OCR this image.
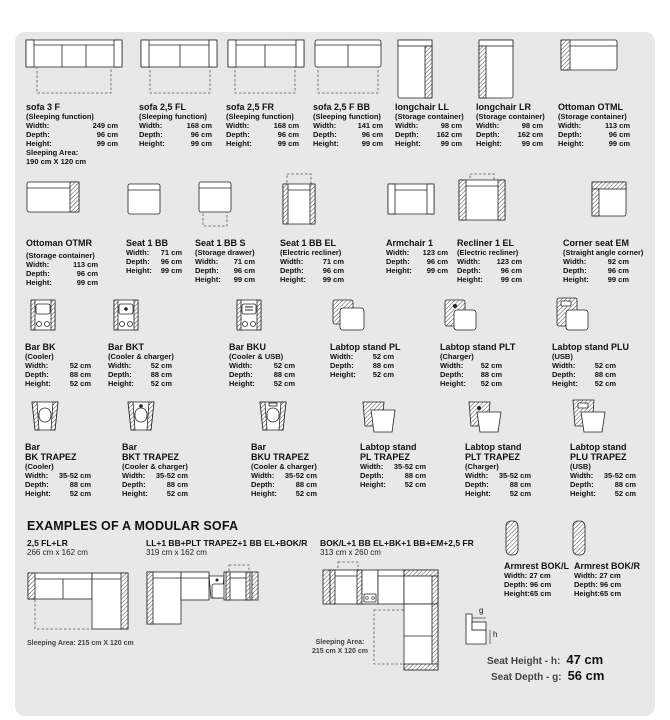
sofa 3 F
(Sleeping function)
Width:	249 cm
Depth:	96 cm
Height:	99 cm
Sleeping Area:
190 cm X 120 cm
sofa 2,5 FL
(Sleeping function)
Width:	168 cm
Depth:	96 cm
Height:	99 cm
sofa 2,5 FR
(Sleeping function)
Width:	168 cm
Depth:	96 cm
Height:	99 cm
sofa 2,5 F BB
(Sleeping function)
Width:	141 cm
Depth:	96 cm
Height:	99 cm
longchair LL
(Storage container)
Width:	98 cm
Depth: 162 cm
Height:	99 cm
longchair LR
(Storage container)
Width:	98 cm
Depth: 162 cm
Height:	99 cm
Ottoman OTML
(Storage container)
Width:	113 cm
Depth:	96 cm
Height:	99 cm
Ottoman OTMR
(Storage container)
Width:	113 cm
Depth:	96 cm
Height:	99 cm
Seat 1 BB
Width: 71 cm
Depth: 96 cm
Height: 99 cm
Seat 1 BB S
(Storage drawer)
Width: 71 cm
Depth: 96 cm
Height: 99 cm
Seat 1 BB EL
(Electric recliner)
Width:	71 cm
Depth:	96 cm
Height: 99 cm
Armchair 1
Width: 123 cm
Depth: 96 cm
Height: 99 cm
Recliner 1 EL
(Electric recliner)
Width: 123 cm
Depth:	96 cm
Height: 99 cm
Corner seat EM
(Straight angle corner)
Width:	92 cm
Depth:	96 cm
Height:	99 cm
Bar BK
(Cooler)
Width:	52 cm
Depth:	88 cm
Height:	52 cm
Bar BKT
(Cooler & charger)
Width:	52 cm
Depth:	88 cm
Height: 52 cm
Bar BKU
(Cooler & USB)
Width:	52 cm
Depth:	88 cm
Height:	52 cm
Labtop stand PL
Width:	52 cm
Depth:	88 cm
Height: 52 cm
Labtop stand PLT
(Charger)
Width: 52 cm
Depth: 88 cm
Height: 52 cm
Labtop stand PLU
(USB)
Width:	52 cm
Depth:	88 cm
Height: 52 cm
Bar
BK TRAPEZ
(Cooler)
Width: 35-52 cm
Depth:	88 cm
Height:	52 cm
Bar
BKT TRAPEZ
(Cooler & charger)
Width: 35-52 cm
Depth:	88 cm
Height:	52 cm
Bar
BKU TRAPEZ
(Cooler & charger)
Width: 35-52 cm
Depth:	88 cm
Height:	52 cm
Labtop stand
PL TRAPEZ
Width: 35-52 cm
Depth:	88 cm
Height:	52 cm
Labtop stand
PLT TRAPEZ
(Charger)
Width: 35-52 cm
Depth:	88 cm
Height:	52 cm
Labtop stand
PLU TRAPEZ
(USB)
Width: 35-52 cm
Depth:	88 cm
Height:	52 cm
EXAMPLES OF A MODULAR SOFA
2,5 FL+LR
266 cm x 162 cm
Sleeping Area: 215 cm X 120 cm
LL+1 BB+PLT TRAPEZ+1 BB EL+BOK/R
319 cm x 162 cm
BOK/L+1 BB EL+BK+1 BB+EM+2,5 FR
313 cm x 260 cm
Sleeping Area:
215 cm X 120 cm
Armrest BOK/L
Width:
27 cm
Depth:
96 cm
Height: 65 cm
Armrest BOK/R
Width:
27 cm
Depth:
96 cm
Height: 65 cm
g
h
Seat Height - h: 47 cm
Seat Depth - g: 56 cm
